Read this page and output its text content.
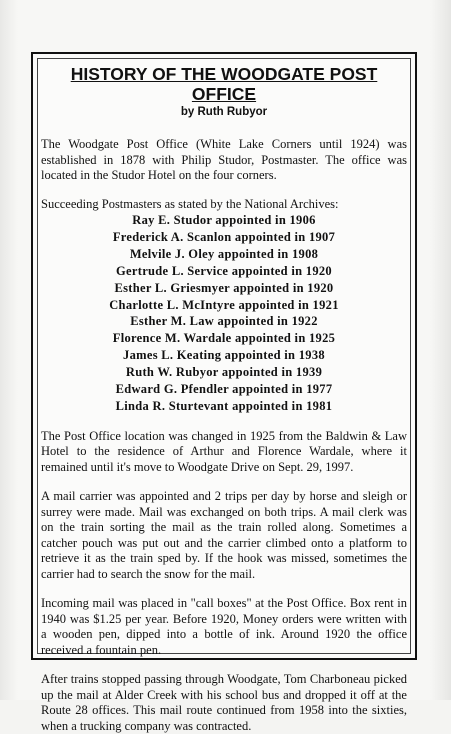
HISTORY OF THE WOODGATE POST OFFICE
by Ruth Rubyor

The Woodgate Post Office (White Lake Corners until 1924) was established in 1878 with Philip Studor, Postmaster. The office was located in the Studor Hotel on the four corners.

Succeeding Postmasters as stated by the National Archives:

Ray E. Studor appointed in 1906
Frederick A. Scanlon appointed in 1907
Melvile J. Oley appointed in 1908
Gertrude L. Service appointed in 1920
Esther L. Griesmyer appointed in 1920
Charlotte L. McIntyre appointed in 1921
Esther M. Law appointed in 1922
Florence M. Wardale appointed in 1925
James L. Keating appointed in 1938
Ruth W. Rubyor appointed in 1939
Edward G. Pfendler appointed in 1977
Linda R. Sturtevant appointed in 1981

The Post Office location was changed in 1925 from the Baldwin & Law Hotel to the residence of Arthur and Florence Wardale, where it remained until it's move to Woodgate Drive on Sept. 29, 1997.

A mail carrier was appointed and 2 trips per day by horse and sleigh or surrey were made. Mail was exchanged on both trips. A mail clerk was on the train sorting the mail as the train rolled along. Sometimes a catcher pouch was put out and the carrier climbed onto a platform to retrieve it as the train sped by. If the hook was missed, sometimes the carrier had to search the snow for the mail.

Incoming mail was placed in "call boxes" at the Post Office. Box rent in 1940 was $1.25 per year. Before 1920, Money orders were written with a wooden pen, dipped into a bottle of ink. Around 1920 the office received a fountain pen.

After trains stopped passing through Woodgate, Tom Charboneau picked up the mail at Alder Creek with his school bus and dropped it off at the Route 28 offices. This mail route continued from 1958 into the sixties, when a trucking company was contracted.
